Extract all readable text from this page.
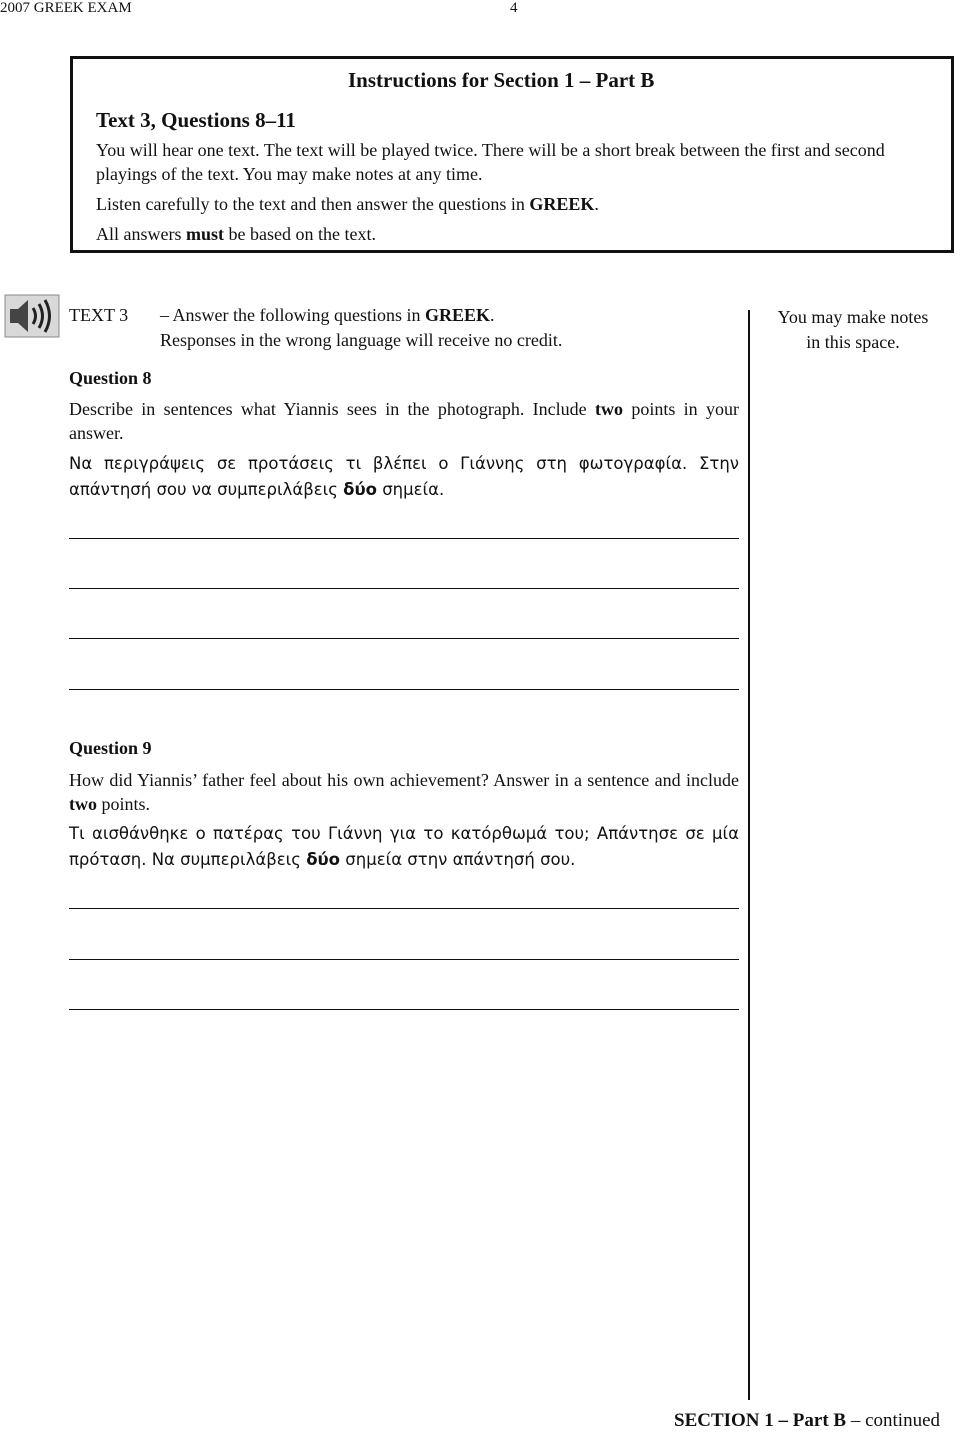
2007 GREEK EXAM	4
Instructions for Section 1 – Part B
Text 3, Questions 8–11
You will hear one text. The text will be played twice. There will be a short break between the first and second playings of the text. You may make notes at any time.
Listen carefully to the text and then answer the questions in GREEK.
All answers must be based on the text.
TEXT 3 – Answer the following questions in GREEK.
Responses in the wrong language will receive no credit.
You may make notes
in this space.
Question 8
Describe in sentences what Yiannis sees in the photograph. Include two points in your answer.
Να περιγράψεις σε προτάσεις τι βλέπει ο Γιάννης στη φωτογραφία. Στην απάντησή σου να συμπεριλάβεις δύο σημεία.
Question 9
How did Yiannis’ father feel about his own achievement? Answer in a sentence and include two points.
Τι αισθάνθηκε ο πατέρας του Γιάννη για το κατόρθωμά του; Απάντησε σε μία πρόταση. Να συμπεριλάβεις δύο σημεία στην απάντησή σου.
SECTION 1 – Part B – continued
